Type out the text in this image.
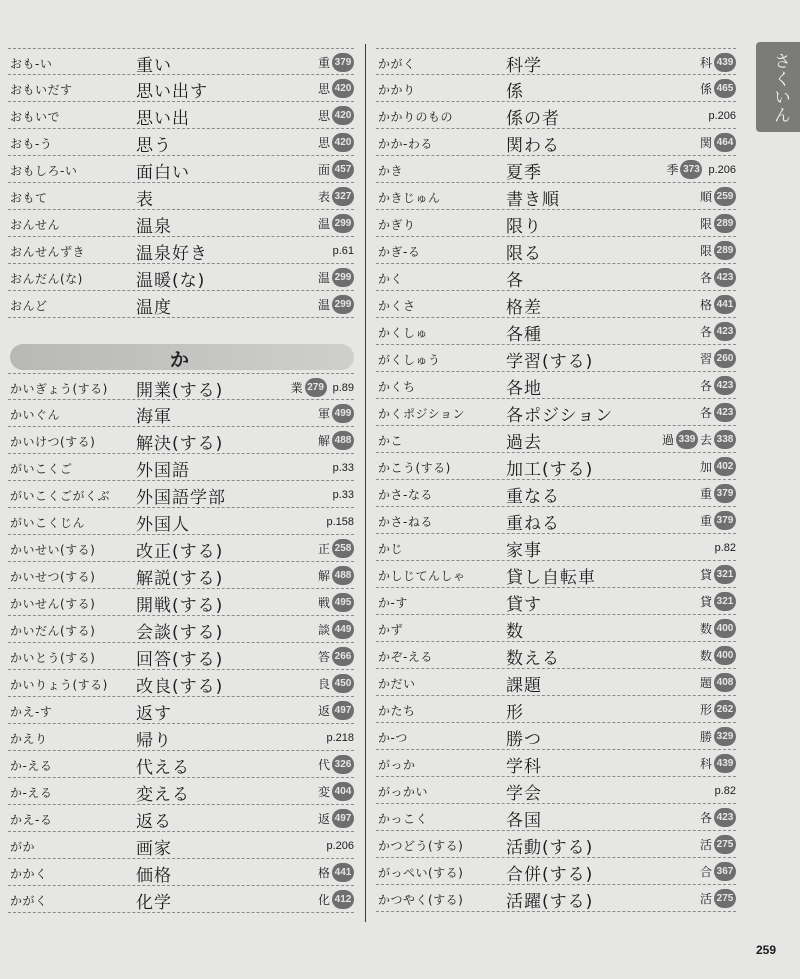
おも-い	重い	重 379
おもいだす	思い出す	思 420
おもいで	思い出	思 420
おも-う	思う	思 420
おもしろ-い	面白い	面 457
おもて	表	表 327
おんせん	温泉	温 299
おんせんずき	温泉好き	p.61
おんだん(な)	温暖(な)	温 299
おんど	温度	温 299
か
かいぎょう(する) 開業(する)	業 279 p.89
かいぐん	海軍	軍 499
かいけつ(する) 解決(する)	解 488
がいこくご	外国語	p.33
がいこくごがくぶ 外国語学部	p.33
がいこくじん	外国人	p.158
かいせい(する) 改正(する)	正 258
かいせつ(する) 解説(する)	解 488
かいせん(する) 開戦(する)	戦 495
かいだん(する) 会談(する)	談 449
かいとう(する) 回答(する)	答 266
かいりょう(する) 改良(する)	良 450
かえ-す	返す	返 497
かえり	帰り	p.218
か-える	代える	代 326
か-える	変える	変 404
かえ-る	返る	返 497
がか	画家	p.206
かかく	価格	格 441
かがく	化学	化 412
かがく	科学	科 439
かかり	係	係 465
かかりのもの	係の者	p.206
かか-わる	関わる	関 464
かき	夏季	季 373 p.206
かきじゅん	書き順	順 259
かぎり	限り	限 289
かぎ-る	限る	限 289
かく	各	各 423
かくさ	格差	格 441
かくしゅ	各種	各 423
がくしゅう	学習(する)	習 260
かくち	各地	各 423
かくポジション 各ポジション	各 423
かこ	過去	過 339 去 338
かこう(する)	加工(する)	加 402
かさ-なる	重なる	重 379
かさ-ねる	重ねる	重 379
かじ	家事	p.82
かしじてんしゃ 貸し自転車	貸 321
か-す	貸す	貸 321
かず	数	数 400
かぞ-える	数える	数 400
かだい	課題	題 408
かたち	形	形 262
か-つ	勝つ	勝 329
がっか	学科	科 439
がっかい	学会	p.82
かっこく	各国	各 423
かつどう(する)	活動(する)	活 275
がっぺい(する)	合併(する)	合 367
かつやく(する)	活躍(する)	活 275
さくいん
259
